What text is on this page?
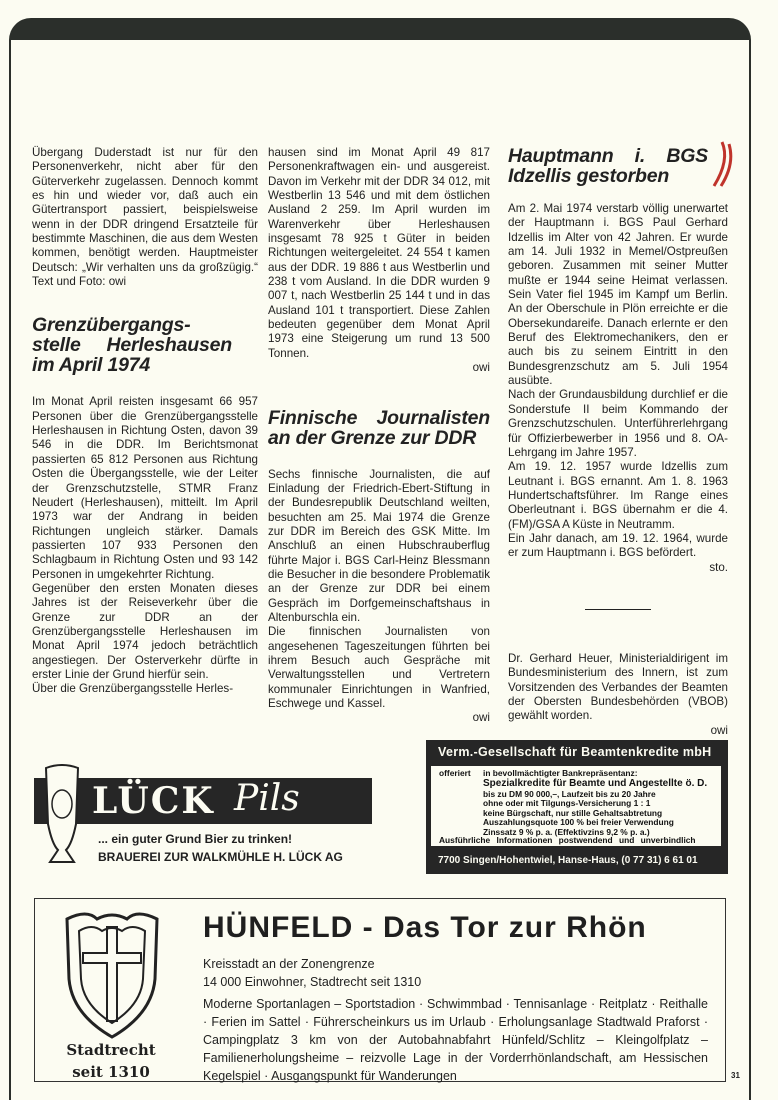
Übergang Duderstadt ist nur für den Personenverkehr, nicht aber für den Güterverkehr zugelassen. Dennoch kommt es hin und wieder vor, daß auch ein Gütertransport passiert, beispielsweise wenn in der DDR dringend Ersatzteile für bestimmte Maschinen, die aus dem Westen kommen, benötigt werden. Hauptmeister Deutsch: „Wir verhalten uns da großzügig.“ Text und Foto: owi

Grenzübergangs-stelle Herleshausen im April 1974

Im Monat April reisten insgesamt 66 957 Personen über die Grenzübergangsstelle Herleshausen in Richtung Osten, davon 39 546 in die DDR. Im Berichtsmonat passierten 65 812 Personen aus Richtung Osten die Übergangsstelle, wie der Leiter der Grenzschutzstelle, STMR Franz Neudert (Herleshausen), mitteilt. Im April 1973 war der Andrang in beiden Richtungen ungleich stärker. Damals passierten 107 933 Personen den Schlagbaum in Richtung Osten und 93 142 Personen in umgekehrter Richtung.

Gegenüber den ersten Monaten dieses Jahres ist der Reiseverkehr über die Grenze zur DDR an der Grenzübergangsstelle Herleshausen im Monat April 1974 jedoch beträchtlich angestiegen. Der Osterverkehr dürfte in erster Linie der Grund hierfür sein.

Über die Grenzübergangsstelle Herles-

hausen sind im Monat April 49 817 Personenkraftwagen ein- und ausgereist. Davon im Verkehr mit der DDR 34 012, mit Westberlin 13 546 und mit dem östlichen Ausland 2 259. Im April wurden im Warenverkehr über Herleshausen insgesamt 78 925 t Güter in beiden Richtungen weitergeleitet. 24 554 t kamen aus der DDR. 19 886 t aus Westberlin und 238 t vom Ausland. In die DDR wurden 9 007 t, nach Westberlin 25 144 t und in das Ausland 101 t transportiert. Diese Zahlen bedeuten gegenüber dem Monat April 1973 eine Steigerung um rund 13 500 Tonnen.

owi

Finnische Journalisten an der Grenze zur DDR

Sechs finnische Journalisten, die auf Einladung der Friedrich-Ebert-Stiftung in der Bundesrepublik Deutschland weilten, besuchten am 25. Mai 1974 die Grenze zur DDR im Bereich des GSK Mitte. Im Anschluß an einen Hubschrauberflug führte Major i. BGS Carl-Heinz Blessmann die Besucher in die besondere Problematik an der Grenze zur DDR bei einem Gespräch im Dorfgemeinschaftshaus in Altenburschla ein.

Die finnischen Journalisten von angesehenen Tageszeitungen führten bei ihrem Besuch auch Gespräche mit Verwaltungsstellen und Vertretern kommunaler Einrichtungen in Wanfried, Eschwege und Kassel.

owi

Hauptmann i. BGS Idzellis gestorben

Am 2. Mai 1974 verstarb völlig unerwartet der Hauptmann i. BGS Paul Gerhard Idzellis im Alter von 42 Jahren. Er wurde am 14. Juli 1932 in Memel/Ostpreußen geboren. Zusammen mit seiner Mutter mußte er 1944 seine Heimat verlassen. Sein Vater fiel 1945 im Kampf um Berlin. An der Oberschule in Plön erreichte er die Obersekundareife. Danach erlernte er den Beruf des Elektromechanikers, den er auch bis zu seinem Eintritt in den Bundesgrenzschutz am 5. Juli 1954 ausübte.

Nach der Grundausbildung durchlief er die Sonderstufe II beim Kommando der Grenzschutzschulen. Unterführerlehrgang für Offizierbewerber in 1956 und 8. OA-Lehrgang im Jahre 1957.

Am 19. 12. 1957 wurde Idzellis zum Leutnant i. BGS ernannt. Am 1. 8. 1963 Hundertschaftsführer. Im Range eines Oberleutnant i. BGS übernahm er die 4. (FM)/GSA A Küste in Neutramm.

Ein Jahr danach, am 19. 12. 1964, wurde er zum Hauptmann i. BGS befördert.

sto.

Dr. Gerhard Heuer, Ministerialdirigent im Bundesministerium des Innern, ist zum Vorsitzenden des Verbandes der Beamten der Obersten Bundesbehörden (VBOB) gewählt worden.

owi

LÜCK Pils
... ein guter Grund Bier zu trinken!
BRAUEREI ZUR WALKMÜHLE H. LÜCK AG
Verm.-Gesellschaft für Beamtenkredite mbH
offeriert in bevollmächtigter Bankrepräsentanz:
Spezialkredite für Beamte und Angestellte ö. D.
bis zu DM 90 000,–, Laufzeit bis zu 20 Jahre
ohne oder mit Tilgungs-Versicherung 1 : 1
keine Bürgschaft, nur stille Gehaltsabtretung
Auszahlungsquote 100 % bei freier Verwendung
Zinssatz 9 % p. a. (Effektivzins 9,2 % p. a.)
Ausführliche Informationen postwendend und unverbindlich
7700 Singen/Hohentwiel, Hanse-Haus, (0 77 31) 6 61 01
Stadtrecht
seit 1310
HÜNFELD - Das Tor zur Rhön
Kreisstadt an der Zonengrenze
14 000 Einwohner, Stadtrecht seit 1310
Moderne Sportanlagen – Sportstadion · Schwimmbad · Tennisanlage · Reitplatz · Reithalle · Ferien im Sattel · Führerscheinkurs us im Urlaub · Erholungsanlage Stadtwald Praforst · Campingplatz 3 km von der Autobahnabfahrt Hünfeld/Schlitz – Kleingolfplatz – Familienerholungsheime – reizvolle Lage in der Vorderrhönlandschaft, am Hessischen Kegelspiel · Ausgangspunkt für Wanderungen	31
